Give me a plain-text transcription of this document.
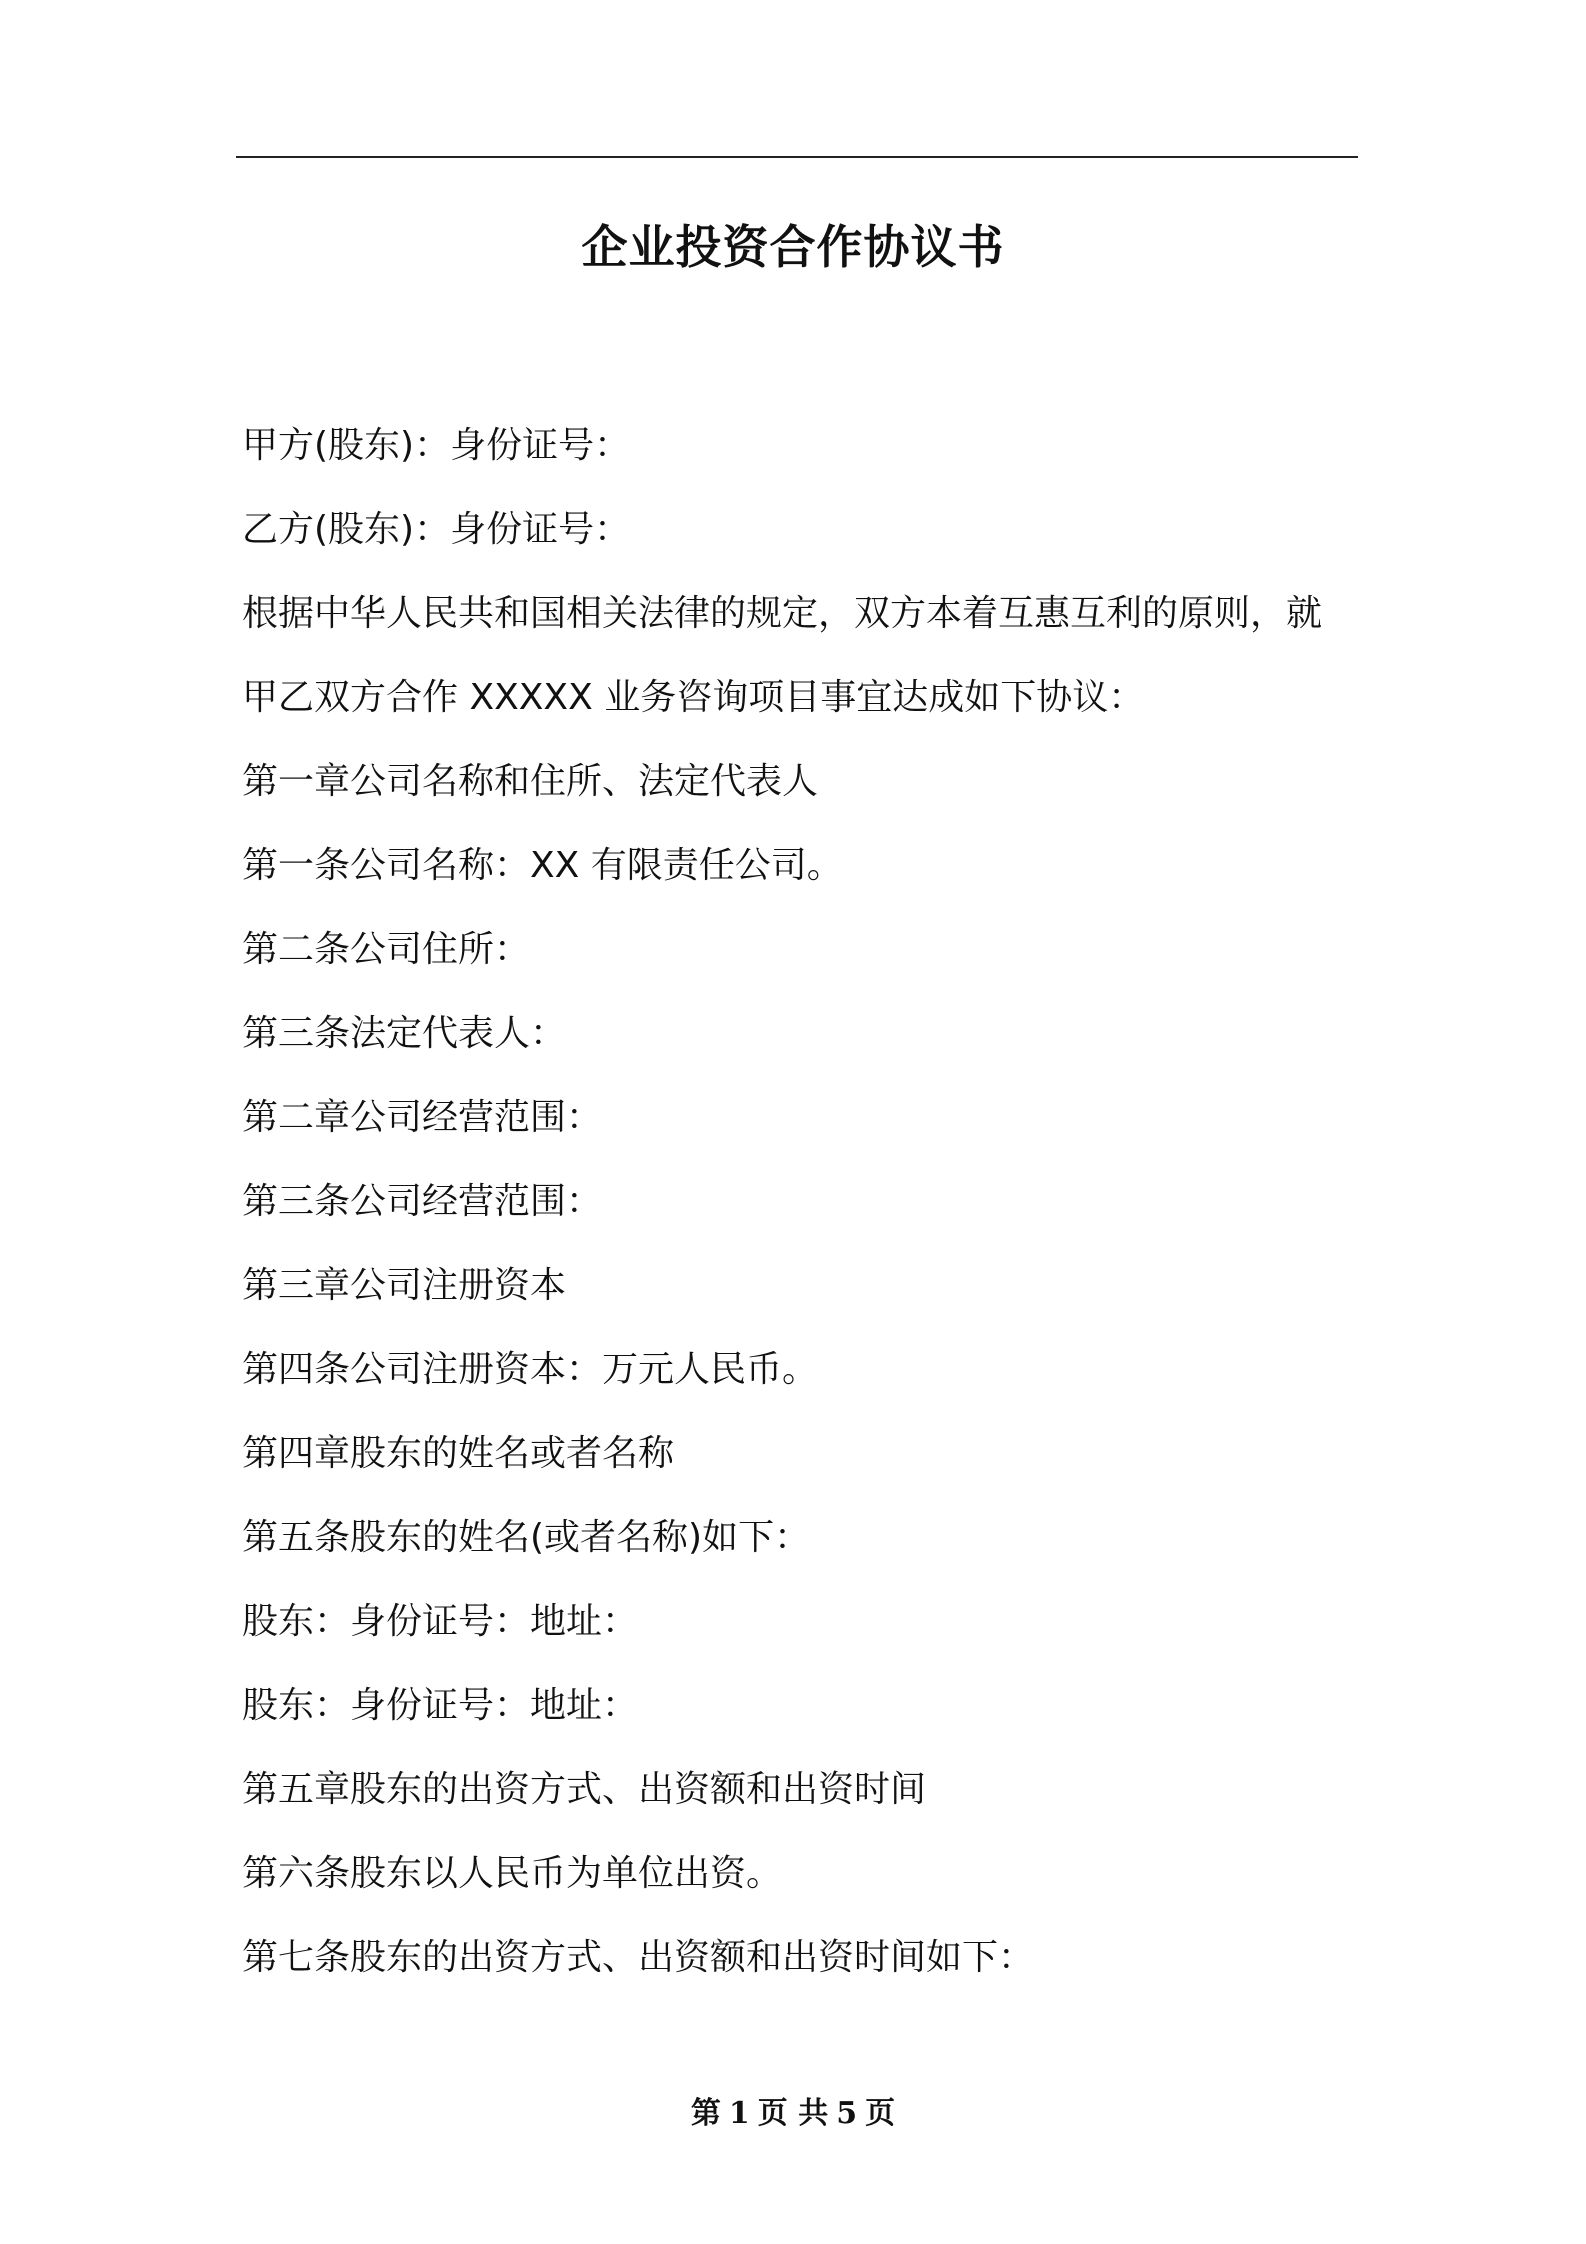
企业投资合作协议书
甲方(股东)：身份证号：
乙方(股东)：身份证号：
根据中华人民共和国相关法律的规定，双方本着互惠互利的原则，就
甲乙双方合作 XXXXX 业务咨询项目事宜达成如下协议：
第一章公司名称和住所、法定代表人
第一条公司名称：XX 有限责任公司。
第二条公司住所：
第三条法定代表人：
第二章公司经营范围：
第三条公司经营范围：
第三章公司注册资本
第四条公司注册资本：万元人民币。
第四章股东的姓名或者名称
第五条股东的姓名(或者名称)如下：
股东：身份证号：地址：
股东：身份证号：地址：
第五章股东的出资方式、出资额和出资时间
第六条股东以人民币为单位出资。
第七条股东的出资方式、出资额和出资时间如下：
第 1 页 共 5 页
